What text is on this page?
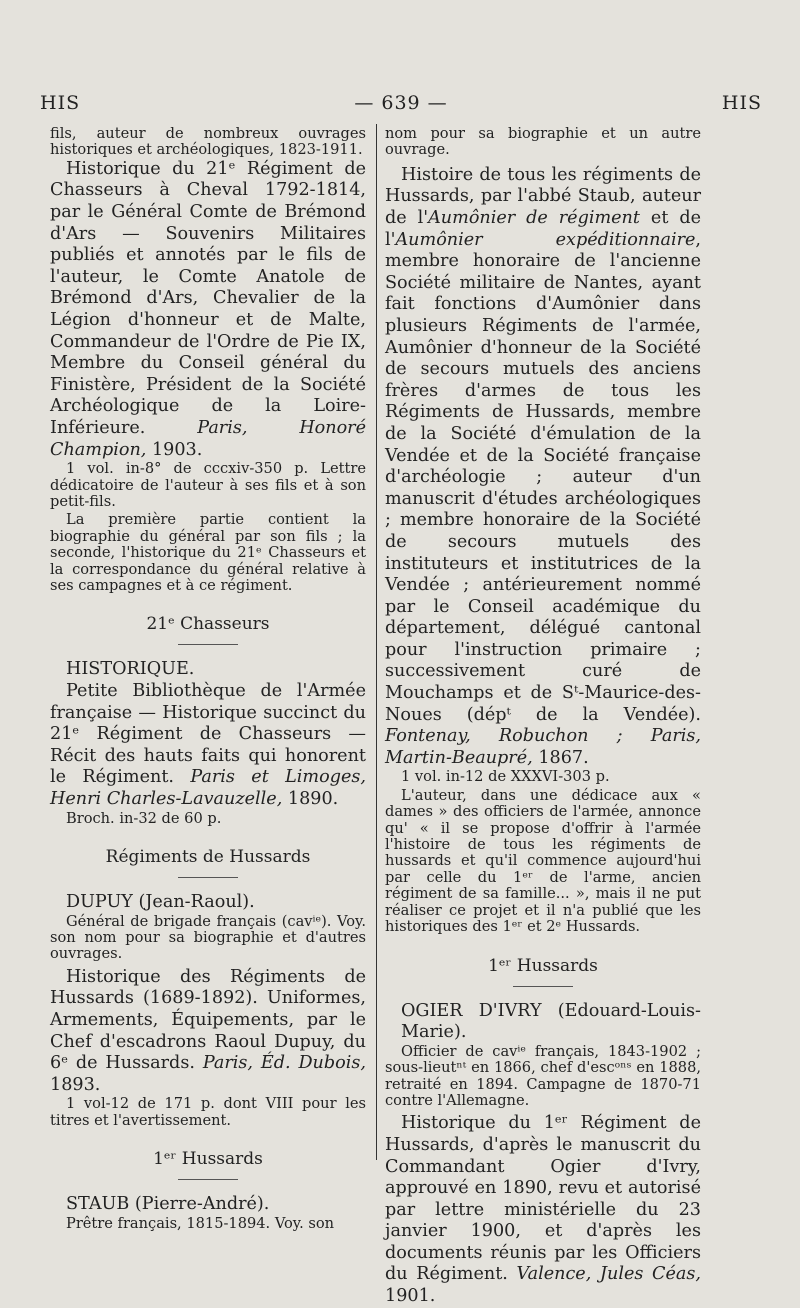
HIS	— 639 —	HIS

fils, auteur de nombreux ouvrages historiques et archéologiques, 1823-1911.

Historique du 21ᵉ Régiment de Chasseurs à Cheval 1792-1814, par le Général Comte de Brémond d'Ars — Souvenirs Militaires publiés et annotés par le fils de l'auteur, le Comte Anatole de Brémond d'Ars, Chevalier de la Légion d'honneur et de Malte, Commandeur de l'Ordre de Pie IX, Membre du Conseil général du Finistère, Président de la Société Archéologique de la Loire-Inférieure.	Paris, Honoré Champion, 1903.

1 vol. in-8° de cccxiv-350 p. Lettre dédicatoire de l'auteur à ses fils et à son petit-fils.

La première partie contient la biographie du général par son fils ; la seconde, l'historique du 21ᵉ Chasseurs et la correspondance du général relative à ses campagnes et à ce régiment.

21ᵉ Chasseurs

HISTORIQUE.

Petite Bibliothèque de l'Armée française — Historique succinct du 21ᵉ Régiment de Chasseurs — Récit des hauts faits qui honorent le Régiment. Paris et Limoges, Henri Charles-Lavauzelle, 1890.

Broch. in-32 de 60 p.

Régiments de Hussards

DUPUY (Jean-Raoul).

Général de brigade français (cavⁱᵉ). Voy. son nom pour sa biographie et d'autres ouvrages.

Historique des Régiments de Hussards (1689-1892). Uniformes, Armements, Équipements, par le Chef d'escadrons Raoul Dupuy, du 6ᵉ de Hussards. Paris, Éd. Dubois, 1893.

1 vol-12 de 171 p. dont VIII pour les titres et l'avertissement.

1ᵉʳ Hussards

STAUB (Pierre-André).

Prêtre français, 1815-1894. Voy. son

nom pour sa biographie et un autre ouvrage.

Histoire de tous les régiments de Hussards, par l'abbé Staub, auteur de l'Aumônier de régiment et de l'Aumônier expéditionnaire, membre honoraire de l'ancienne Société militaire de Nantes, ayant fait fonctions d'Aumônier dans plusieurs Régiments de l'armée, Aumônier d'honneur de la Société de secours mutuels des anciens frères d'armes de tous les Régiments de Hussards, membre de la Société d'émulation de la Vendée et de la Société française d'archéologie ; auteur d'un manuscrit d'études archéologiques ; membre honoraire de la Société de secours mutuels des instituteurs et institutrices de la Vendée ; antérieurement nommé par le Conseil académique du département, délégué cantonal pour l'instruction primaire ; successivement curé de Mouchamps et de Sᵗ-Maurice-des-Noues (dépᵗ de la Vendée). Fontenay, Robuchon ; Paris, Martin-Beaupré, 1867.

1 vol. in-12 de XXXVI-303 p.

L'auteur, dans une dédicace aux « dames » des officiers de l'armée, annonce qu' « il se propose d'offrir à l'armée l'histoire de tous les régiments de hussards et qu'il commence aujourd'hui par celle du 1ᵉʳ de l'arme, ancien régiment de sa famille... », mais il ne put réaliser ce projet et il n'a publié que les historiques des 1ᵉʳ et 2ᵉ Hussards.

1ᵉʳ Hussards

OGIER D'IVRY (Edouard-Louis-Marie).

Officier de cavⁱᵉ français, 1843-1902 ; sous-lieutⁿᵗ en 1866, chef d'escᵒⁿˢ en 1888, retraité en 1894. Campagne de 1870-71 contre l'Allemagne.

Historique du 1ᵉʳ Régiment de Hussards, d'après le manuscrit du Commandant Ogier d'Ivry, approuvé en 1890, revu et autorisé par lettre ministérielle du 23 janvier 1900, et d'après les documents réunis par les Officiers du Régiment. Valence, Jules Céas, 1901.
